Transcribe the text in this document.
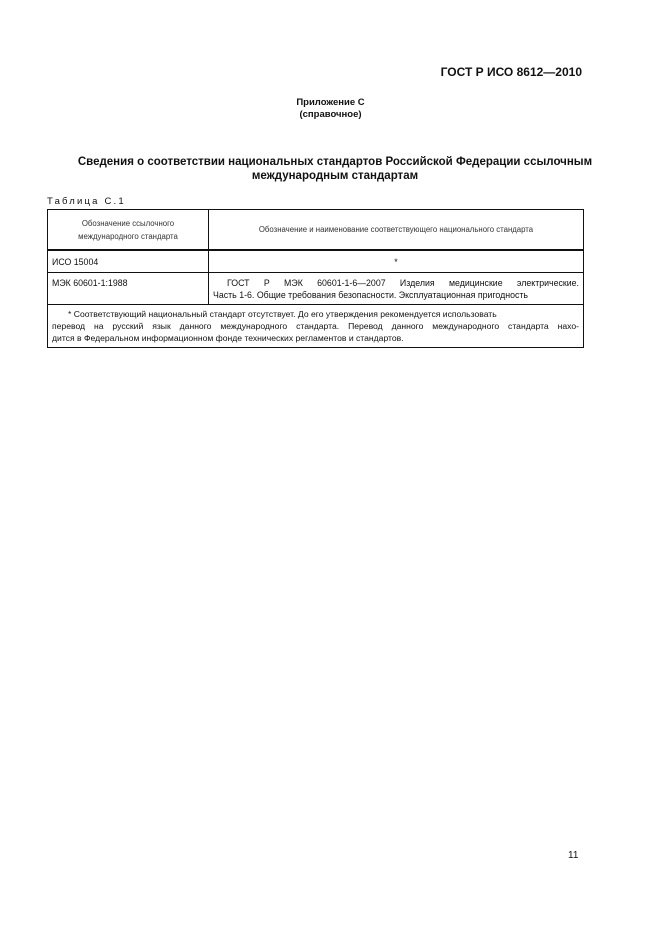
ГОСТ Р ИСО 8612—2010
Приложение С
(справочное)
Сведения о соответствии национальных стандартов Российской Федерации ссылочным
международным стандартам
Таблица С.1
Обозначение ссылочного
международного стандарта	Обозначение и наименование соответствующего национального стандарта
ИСО 15004	*
МЭК 60601-1:1988	ГОСТ Р МЭК 60601-1-6—2007 Изделия медицинские электрические.
Часть 1-6. Общие требования безопасности. Эксплуатационная пригодность

* Соответствующий национальный стандарт отсутствует. До его утверждения рекомендуется использовать
перевод на русский язык данного международного стандарта. Перевод данного международного стандарта нахо-
дится в Федеральном информационном фонде технических регламентов и стандартов.	
11
